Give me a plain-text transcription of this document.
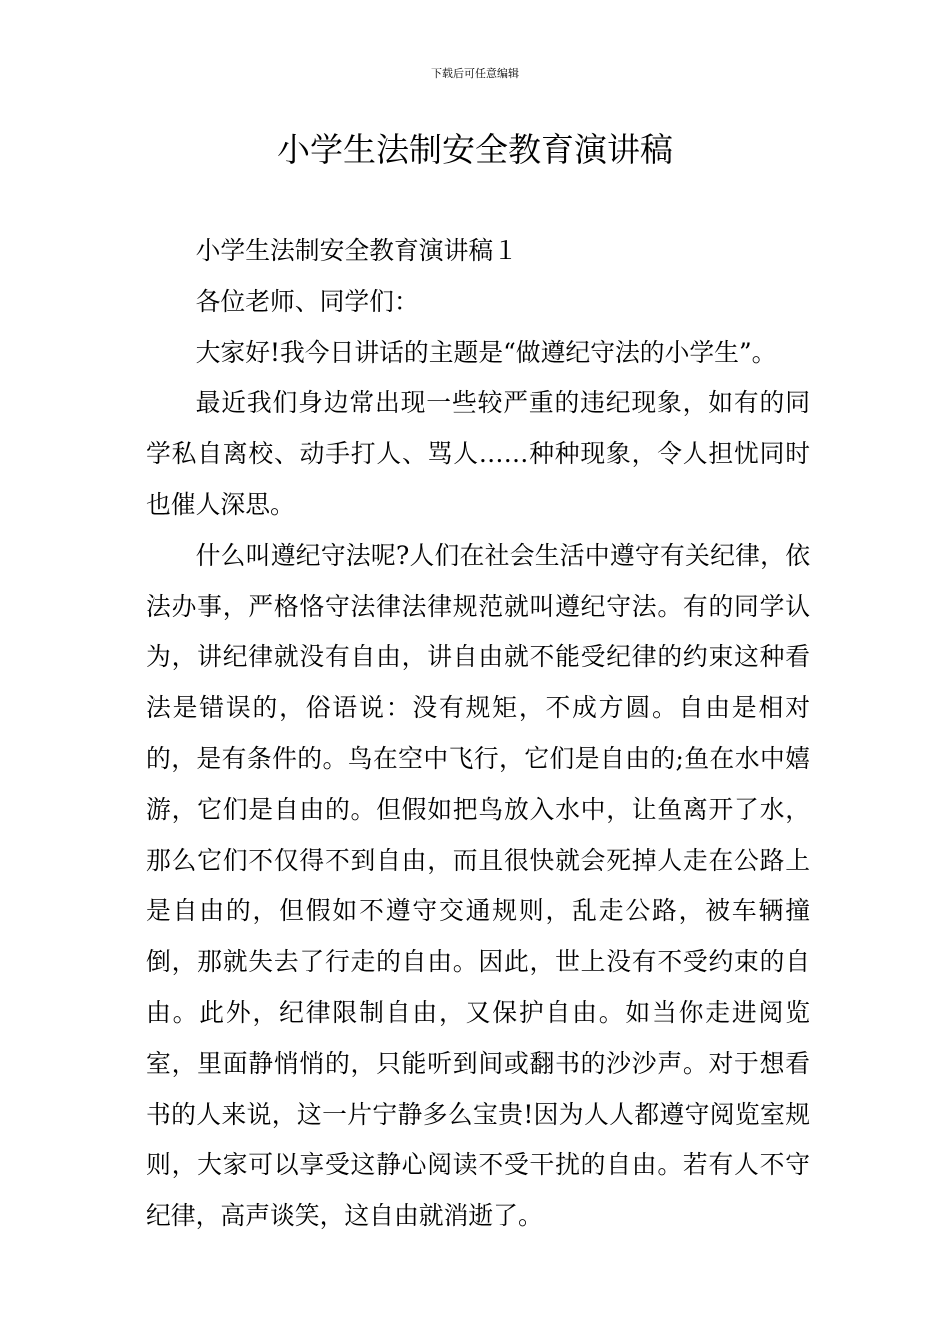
下载后可任意编辑
小学生法制安全教育演讲稿

小学生法制安全教育演讲稿１

各位老师、同学们：

大家好!我今日讲话的主题是“做遵纪守法的小学生”。

最近我们身边常出现一些较严重的违纪现象，如有的同学私自离校、动手打人、骂人……种种现象，令人担忧同时也催人深思。

什么叫遵纪守法呢?人们在社会生活中遵守有关纪律，依法办事，严格恪守法律法律规范就叫遵纪守法。有的同学认为，讲纪律就没有自由，讲自由就不能受纪律的约束这种看法是错误的，俗语说：没有规矩，不成方圆。自由是相对的，是有条件的。鸟在空中飞行，它们是自由的;鱼在水中嬉游，它们是自由的。但假如把鸟放入水中，让鱼离开了水，那么它们不仅得不到自由，而且很快就会死掉人走在公路上是自由的，但假如不遵守交通规则，乱走公路，被车辆撞倒，那就失去了行走的自由。因此，世上没有不受约束的自由。此外，纪律限制自由，又保护自由。如当你走进阅览室，里面静悄悄的，只能听到间或翻书的沙沙声。对于想看书的人来说，这一片宁静多么宝贵!因为人人都遵守阅览室规则，大家可以享受这静心阅读不受干扰的自由。若有人不守纪律，高声谈笑，这自由就消逝了。
